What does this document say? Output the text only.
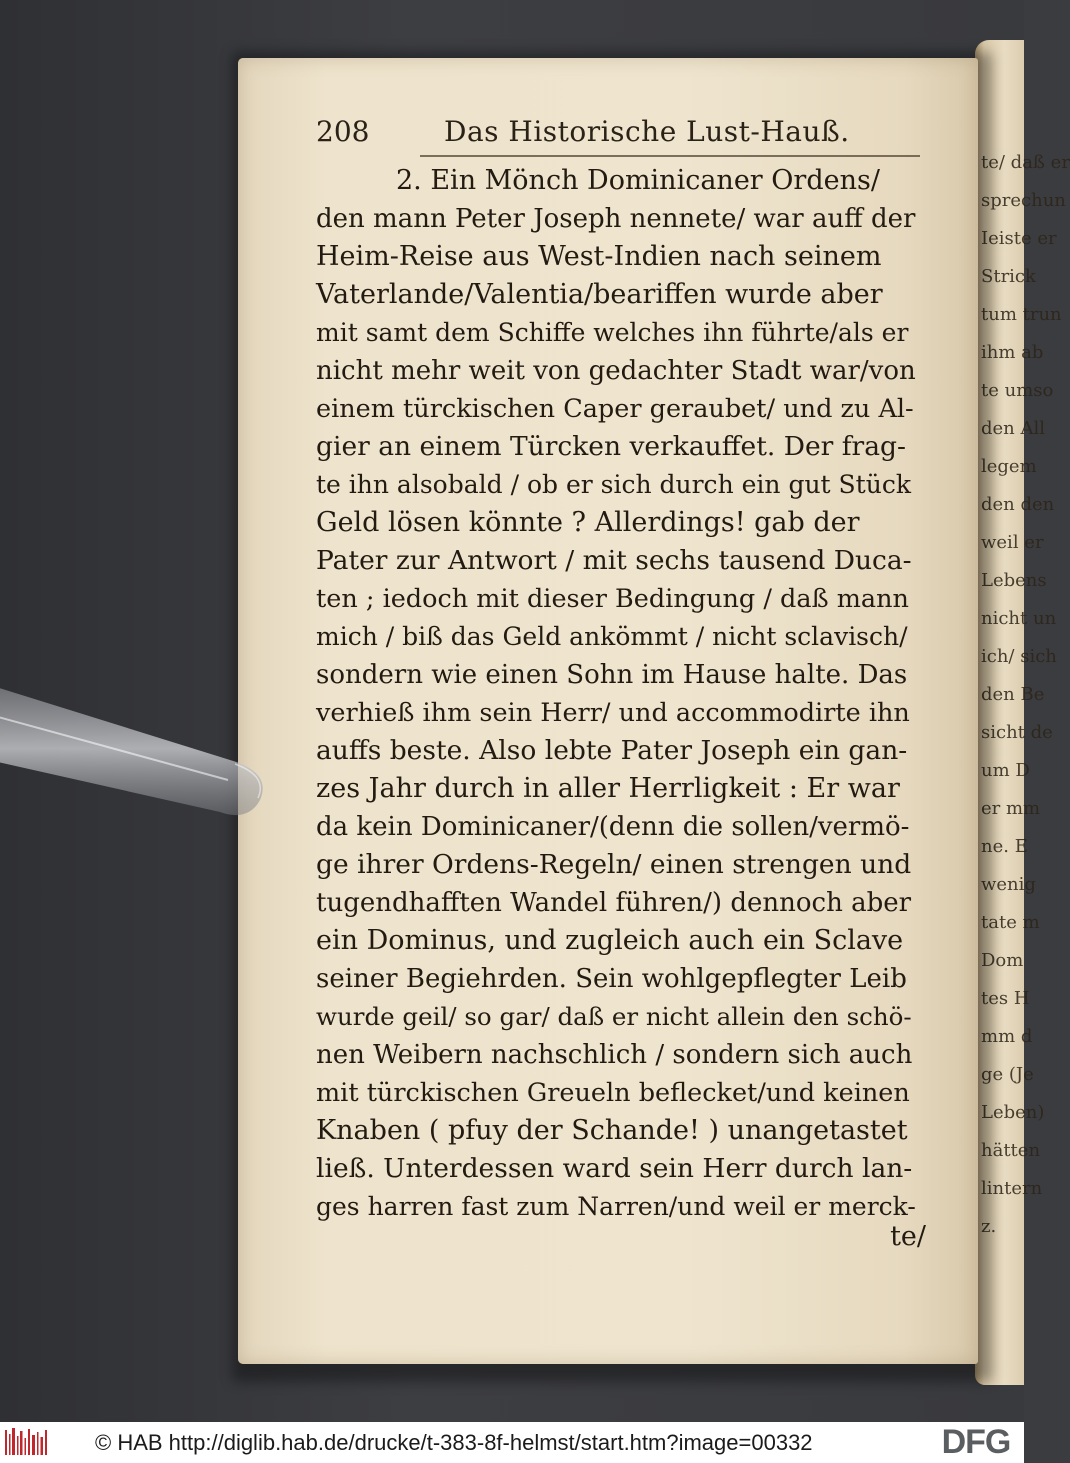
te/ daß er
sprechun
Ieiste er
Strick
tum trun
ihm ab
te umso
den All
legem
den den
weil er
Lebens
nicht un
ich/ sich
den Be
sicht de
um D
er mm
ne. E
wenig
tate m
Dom
tes H
mm d
ge (Je
Leben)
hätten
lintern
z.
208	Das Historische Lust-Hauß.
2. Ein Mönch Dominicaner Ordens/
den mann Peter Joseph nennete/ war auff der
Heim-Reise aus West-Indien nach seinem
Vaterlande/Valentia/beariffen wurde aber
mit samt dem Schiffe welches ihn führte/als er
nicht mehr weit von gedachter Stadt war/von
einem türckischen Caper geraubet/ und zu Al-
gier an einem Türcken verkauffet. Der frag-
te ihn alsobald / ob er sich durch ein gut Stück
Geld lösen könnte ? Allerdings! gab der
Pater zur Antwort / mit sechs tausend Duca-
ten ; iedoch mit dieser Bedingung / daß mann
mich / biß das Geld ankömmt / nicht sclavisch/
sondern wie einen Sohn im Hause halte. Das
verhieß ihm sein Herr/ und accommodirte ihn
auffs beste. Also lebte Pater Joseph ein gan-
zes Jahr durch in aller Herrligkeit : Er war
da kein Dominicaner/(denn die sollen/vermö-
ge ihrer Ordens-Regeln/ einen strengen und
tugendhafften Wandel führen/) dennoch aber
ein Dominus, und zugleich auch ein Sclave
seiner Begiehrden. Sein wohlgepflegter Leib
wurde geil/ so gar/ daß er nicht allein den schö-
nen Weibern nachschlich / sondern sich auch
mit türckischen Greueln beflecket/und keinen
Knaben ( pfuy der Schande! ) unangetastet
ließ. Unterdessen ward sein Herr durch lan-
ges harren fast zum Narren/und weil er merck-
te/
© HAB http://diglib.hab.de/drucke/t-383-8f-helmst/start.htm?image=00332	DFG
